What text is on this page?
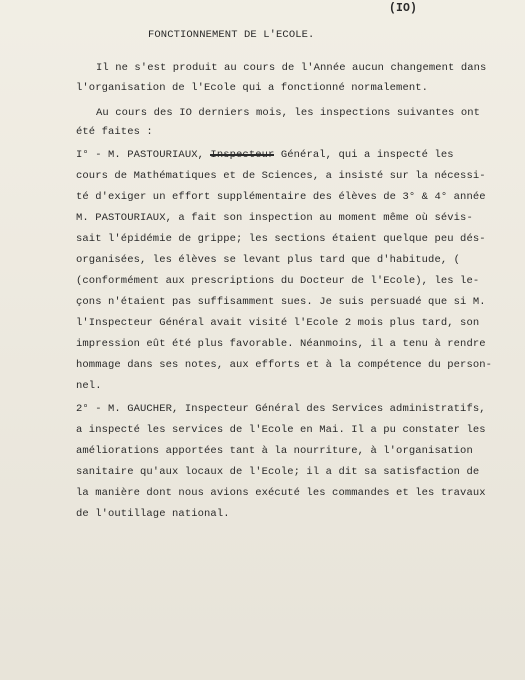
(IO)
FONCTIONNEMENT DE L'ECOLE.
Il ne s'est produit au cours de l'Année aucun changement dans
l'organisation de l'Ecole qui a fonctionné normalement.
Au cours des IO derniers mois, les inspections suivantes ont
été faites :
I° - M. PASTOURIAUX,	Général, qui a inspecté les
cours de Mathématiques et de Sciences, a insisté sur la nécessi-
té d'exiger un effort supplémentaire des élèves de 3° & 4° année
M. PASTOURIAUX, a fait son inspection au moment même où sévis-
sait l'épidémie de grippe; les sections étaient quelque peu dés-
organisées, les élèves se levant plus tard que d'habitude, (
(conformément aux prescriptions du Docteur de l'Ecole), les le-
çons n'étaient pas suffisamment sues. Je suis persuadé que si M.
l'Inspecteur Général avait visité l'Ecole 2 mois plus tard, son
impression eût été plus favorable. Néanmoins, il a tenu à rendre
hommage dans ses notes, aux efforts et à la compétence du person-
nel.
2° - M. GAUCHER, Inspecteur Général des Services administratifs,
a inspecté les services de l'Ecole en Mai. Il a pu constater les
améliorations apportées tant à la nourriture, à l'organisation
sanitaire qu'aux locaux de l'Ecole; il a dit sa satisfaction de
la manière dont nous avions exécuté les commandes et les travaux
de l'outillage national.
